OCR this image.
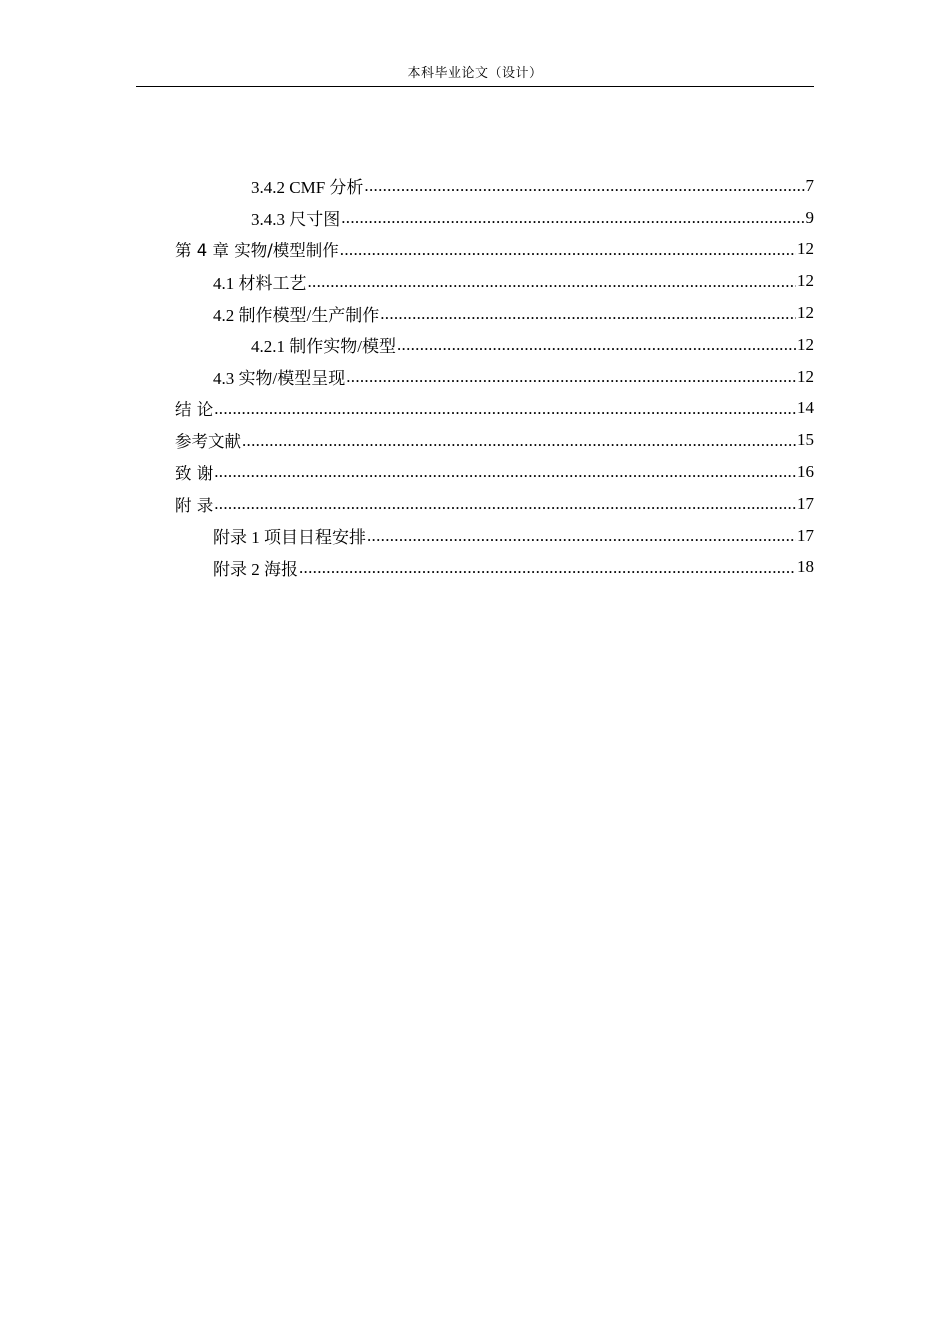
本科毕业论文（设计）
3.4.2 CMF 分析 .....	7
3.4.3 尺寸图 .....	9
第 4 章 实物/模型制作 .....	12
4.1 材料工艺 .....	12
4.2 制作模型/生产制作 .....	12
4.2.1 制作实物/模型 .....	12
4.3 实物/模型呈现 .....	12
结 论 .....	14
参考文献 .....	15
致 谢 .....	16
附 录 .....	17
附录 1 项目日程安排 .....	17
附录 2 海报 .....	18
